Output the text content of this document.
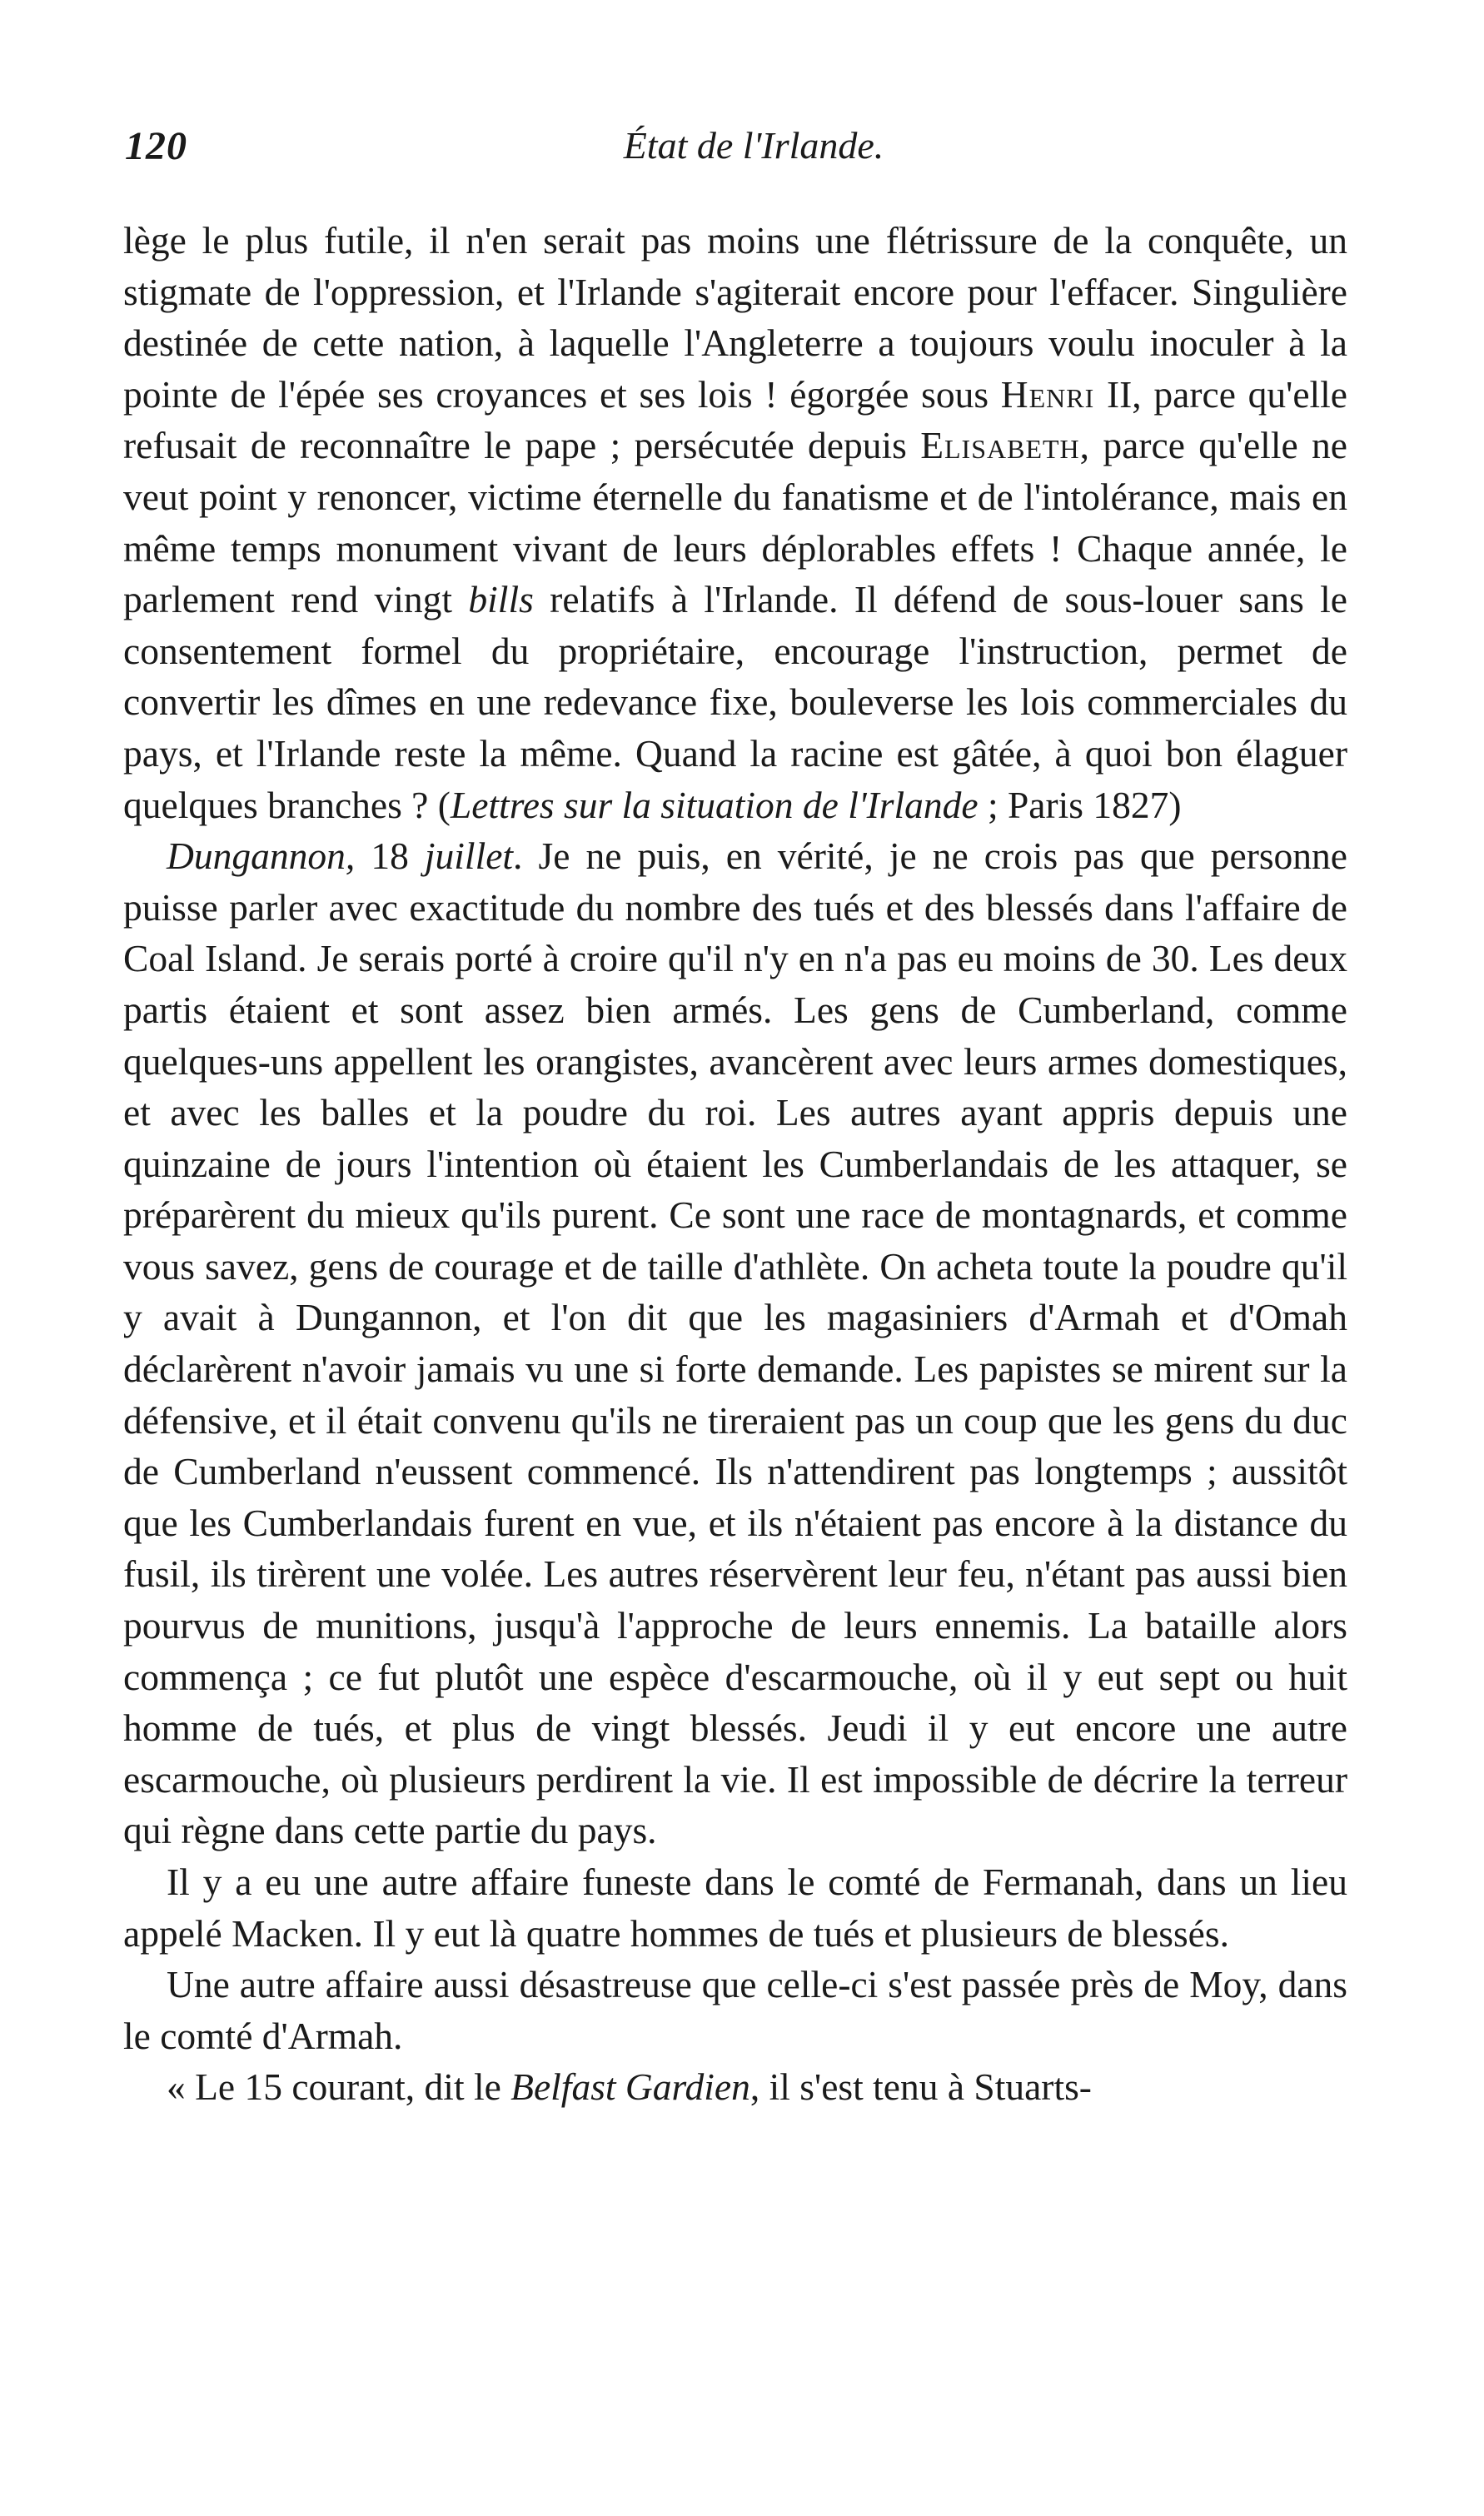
120	État de l'Irlande.

lège le plus futile, il n'en serait pas moins une flétrissure de la conquête, un stigmate de l'oppression, et l'Irlande s'agiterait encore pour l'effacer. Singulière destinée de cette nation, à laquelle l'Angleterre a toujours voulu inoculer à la pointe de l'épée ses croyances et ses lois ! égorgée sous Henri II, parce qu'elle refusait de reconnaître le pape ; persécutée depuis Elisabeth, parce qu'elle ne veut point y renoncer, victime éternelle du fanatisme et de l'intolérance, mais en même temps monument vivant de leurs déplorables effets ! Chaque année, le parlement rend vingt bills relatifs à l'Irlande. Il défend de sous-louer sans le consentement formel du propriétaire, encourage l'instruction, permet de convertir les dîmes en une redevance fixe, bouleverse les lois commerciales du pays, et l'Irlande reste la même. Quand la racine est gâtée, à quoi bon élaguer quelques branches ? (Lettres sur la situation de l'Irlande ; Paris 1827)

Dungannon, 18 juillet. Je ne puis, en vérité, je ne crois pas que personne puisse parler avec exactitude du nombre des tués et des blessés dans l'affaire de Coal Island. Je serais porté à croire qu'il n'y en n'a pas eu moins de 30. Les deux partis étaient et sont assez bien armés. Les gens de Cumberland, comme quelques-uns appellent les orangistes, avancèrent avec leurs armes domestiques, et avec les balles et la poudre du roi. Les autres ayant appris depuis une quinzaine de jours l'intention où étaient les Cumberlandais de les attaquer, se préparèrent du mieux qu'ils purent. Ce sont une race de montagnards, et comme vous savez, gens de courage et de taille d'athlète. On acheta toute la poudre qu'il y avait à Dungannon, et l'on dit que les magasiniers d'Armah et d'Omah déclarèrent n'avoir jamais vu une si forte demande. Les papistes se mirent sur la défensive, et il était convenu qu'ils ne tireraient pas un coup que les gens du duc de Cumberland n'eussent commencé. Ils n'attendirent pas longtemps ; aussitôt que les Cumberlandais furent en vue, et ils n'étaient pas encore à la distance du fusil, ils tirèrent une volée. Les autres réservèrent leur feu, n'étant pas aussi bien pourvus de munitions, jusqu'à l'approche de leurs ennemis. La bataille alors commença ; ce fut plutôt une espèce d'escarmouche, où il y eut sept ou huit homme de tués, et plus de vingt blessés. Jeudi il y eut encore une autre escarmouche, où plusieurs perdirent la vie. Il est impossible de décrire la terreur qui règne dans cette partie du pays.

Il y a eu une autre affaire funeste dans le comté de Fermanah, dans un lieu appelé Macken. Il y eut là quatre hommes de tués et plusieurs de blessés.

Une autre affaire aussi désastreuse que celle-ci s'est passée près de Moy, dans le comté d'Armah.

« Le 15 courant, dit le Belfast Gardien, il s'est tenu à Stuarts-
